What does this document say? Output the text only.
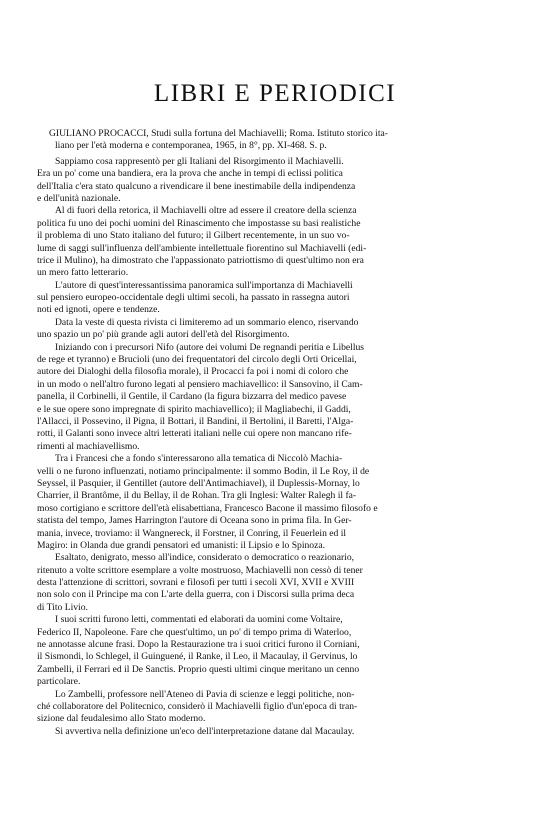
LIBRI E PERIODICI
GIULIANO PROCACCI, Studi sulla fortuna del Machiavelli; Roma. Istituto storico ita-
liano per l'età moderna e contemporanea, 1965, in 8°, pp. XI-468. S. p.
Sappiamo cosa rappresentò per gli Italiani del Risorgimento il Machiavelli.
Era un po' come una bandiera, era la prova che anche in tempi di eclissi politica
dell'Italia c'era stato qualcuno a rivendicare il bene inestimabile della indipendenza
e dell'unità nazionale.
Al di fuori della retorica, il Machiavelli oltre ad essere il creatore della scienza
politica fu uno dei pochi uomini del Rinascimento che impostasse su basi realistiche
il problema di uno Stato italiano del futuro; il Gilbert recentemente, in un suo vo-
lume di saggi sull'influenza dell'ambiente intellettuale fiorentino sul Machiavelli (edi-
trice il Mulino), ha dimostrato che l'appassionato patriottismo di quest'ultimo non era
un mero fatto letterario.
L'autore di quest'interessantissima panoramica sull'importanza di Machiavelli
sul pensiero europeo-occidentale degli ultimi secoli, ha passato in rassegna autori
noti ed ignoti, opere e tendenze.
Data la veste di questa rivista ci limiteremo ad un sommario elenco, riservando
uno spazio un po' più grande agli autori dell'età del Risorgimento.
Iniziando con i precursori Nifo (autore dei volumi De regnandi peritia e Libellus
de rege et tyranno) e Brucioli (uno dei frequentatori del circolo degli Orti Oricellai,
autore dei Dialoghi della filosofia morale), il Procacci fa poi i nomi di coloro che
in un modo o nell'altro furono legati al pensiero machiavellico: il Sansovino, il Cam-
panella, il Corbinelli, il Gentile, il Cardano (la figura bizzarra del medico pavese
e le sue opere sono impregnate di spirito machiavellico); il Magliabechi, il Gaddi,
l'Allacci, il Possevino, il Pigna, il Bottari, il Bandini, il Bertolini, il Baretti, l'Alga-
rotti, il Galanti sono invece altri letterati italiani nelle cui opere non mancano rife-
rimenti al machiavellismo.
Tra i Francesi che a fondo s'interessarono alla tematica di Niccolò Machia-
velli o ne furono influenzati, notiamo principalmente: il sommo Bodin, il Le Roy, il de
Seyssel, il Pasquier, il Gentillet (autore dell'Antimachiavel), il Duplessis-Mornay, lo
Charrier, il Brantôme, il du Bellay, il de Rohan. Tra gli Inglesi: Walter Ralegh il fa-
moso cortigiano e scrittore dell'età elisabettiana, Francesco Bacone il massimo filosofo e
statista del tempo, James Harrington l'autore di Oceana sono in prima fila. In Ger-
mania, invece, troviamo: il Wangnereck, il Forstner, il Conring, il Feuerlein ed il
Magiro: in Olanda due grandi pensatori ed umanisti: il Lipsio e lo Spinoza.
Esaltato, denigrato, messo all'indice, considerato o democratico o reazionario,
ritenuto a volte scrittore esemplare a volte mostruoso, Machiavelli non cessò di tener
desta l'attenzione di scrittori, sovrani e filosofi per tutti i secoli XVI, XVII e XVIII
non solo con il Principe ma con L'arte della guerra, con i Discorsi sulla prima deca
di Tito Livio.
I suoi scritti furono letti, commentati ed elaborati da uomini come Voltaire,
Federico II, Napoleone. Fare che quest'ultimo, un po' di tempo prima di Waterloo,
ne annotasse alcune frasi. Dopo la Restaurazione tra i suoi critici furono il Corniani,
il Sismondi, lo Schlegel, il Guinguené, il Ranke, il Leo, il Macaulay, il Gervinus, lo
Zambelli, il Ferrari ed il De Sanctis. Proprio questi ultimi cinque meritano un cenno
particolare.
Lo Zambelli, professore nell'Ateneo di Pavia di scienze e leggi politiche, non-
ché collaboratore del Politecnico, considerò il Machiavelli figlio d'un'epoca di tran-
sizione dal feudalesimo allo Stato moderno.
Si avvertiva nella definizione un'eco dell'interpretazione datane dal Macaulay.
